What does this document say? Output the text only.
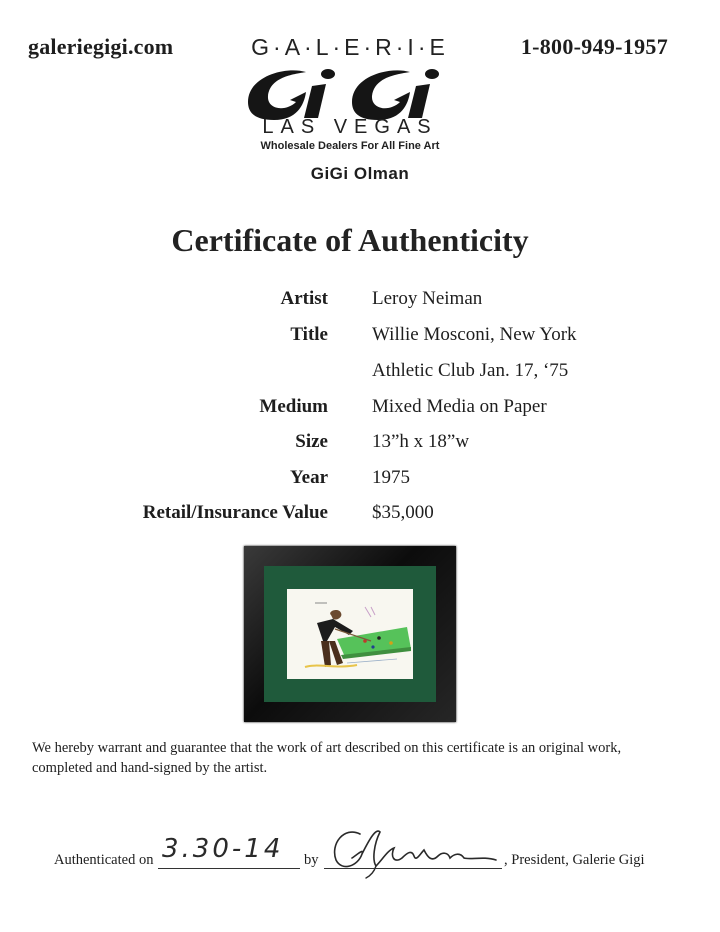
galeriegigi.com	1-800-949-1957
G·A·L·E·R·I·E
LAS VEGAS
Wholesale Dealers For All Fine Art
GiGi Olman
Certificate of Authenticity
Artist Leroy Neiman
Title Willie Mosconi, New York
Athletic Club Jan. 17, ‘75
Medium Mixed Media on Paper
Size 13”h x 18”w
Year 1975
Retail/Insurance Value $35,000
We hereby warrant and guarantee that the work of art described on this certificate is an original work,
completed and hand-signed by the artist.
Authenticated on 3.30-14 by	, President, Galerie Gigi
